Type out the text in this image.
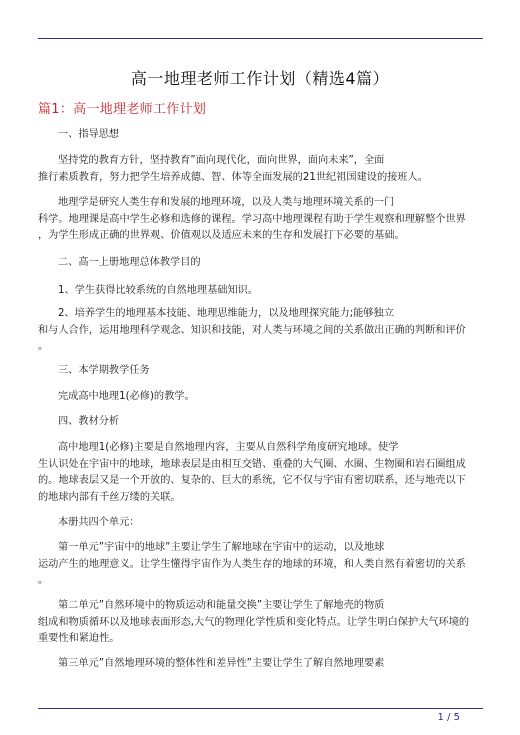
高一地理老师工作计划（精选4篇）
篇1：高一地理老师工作计划
一、指导思想
坚持党的教育方针，坚持教育”面向现代化，面向世界，面向未来”，全面
推行素质教育，努力把学生培养成德、智、体等全面发展的21世纪祖国建设的接班人。
地理学是研究人类生存和发展的地理环境，以及人类与地理环境关系的一门
科学。地理课是高中学生必修和选修的课程。学习高中地理课程有助于学生观察和理解整个世界
，为学生形成正确的世界观、价值观以及适应未来的生存和发展打下必要的基础。
二、高一上册地理总体教学目的
1、学生获得比较系统的自然地理基础知识。
2、培养学生的地理基本技能、地理思维能力，以及地理探究能力;能够独立
和与人合作，运用地理科学观念、知识和技能，对人类与环境之间的关系做出正确的判断和评价
。
三、本学期教学任务
完成高中地理1(必修)的教学。
四、教材分析
高中地理1(必修)主要是自然地理内容，主要从自然科学角度研究地球。使学
生认识处在宇宙中的地球，地球表层是由相互交错、重叠的大气圈、水圈、生物圈和岩石圈组成
的。地球表层又是一个开放的、复杂的、巨大的系统，它不仅与宇宙有密切联系，还与地壳以下
的地球内部有千丝万缕的关联。
本册共四个单元：
第一单元”宇宙中的地球”主要让学生了解地球在宇宙中的运动，以及地球
运动产生的地理意义。让学生懂得宇宙作为人类生存的地球的环境，和人类自然有着密切的关系
。
第二单元”自然环境中的物质运动和能量交换”主要让学生了解地壳的物质
组成和物质循环以及地球表面形态,大气的物理化学性质和变化特点。让学生明白保护大气环境的
重要性和紧迫性。
第三单元”自然地理环境的整体性和差异性”主要让学生了解自然地理要素
1 / 5
